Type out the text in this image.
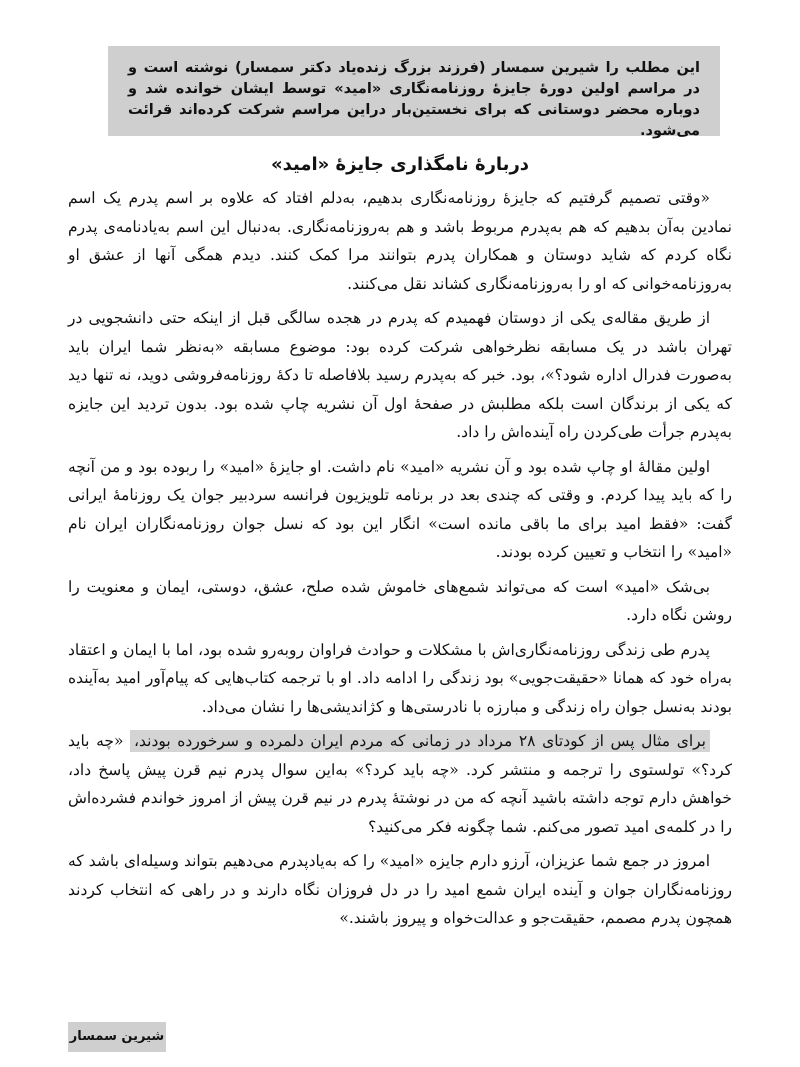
این مطلب را شیرین سمسار (فرزند بزرگ زنده‌یاد دکتر سمسار) نوشته است و در مراسم اولین دورهٔ جایزهٔ روزنامه‌نگاری «امید» توسط ایشان خوانده شد و دوباره محضر دوستانی که برای نخستین‌بار دراین مراسم شرکت کرده‌اند قرائت می‌شود.
دربارهٔ نامگذاری جایزهٔ «امید»

«وقتی تصمیم گرفتیم که جایزهٔ روزنامه‌نگاری بدهیم، به‌دلم افتاد که علاوه بر اسم پدرم یک اسم نمادین به‌آن بدهیم که هم به‌پدرم مربوط باشد و هم به‌روزنامه‌نگاری. به‌دنبال این اسم به‌یادنامه‌ی پدرم نگاه کردم که شاید دوستان و همکاران پدرم بتوانند مرا کمک کنند. دیدم همگی آنها از عشق او به‌روزنامه‌خوانی که او را به‌روزنامه‌نگاری کشاند نقل می‌کنند.

از طریق مقاله‌ی یکی از دوستان فهمیدم که پدرم در هجده سالگی قبل از اینکه حتی دانشجویی در تهران باشد در یک مسابقه نظرخواهی شرکت کرده بود: موضوع مسابقه «به‌نظر شما ایران باید به‌صورت فدرال اداره شود؟»، بود. خبر که به‌پدرم رسید بلافاصله تا دکهٔ روزنامه‌فروشی دوید، نه تنها دید که یکی از برندگان است بلکه مطلبش در صفحهٔ اول آن نشریه چاپ شده بود. بدون تردید این جایزه به‌پدرم جرأت طی‌کردن راه آینده‌اش را داد.

اولین مقالهٔ او چاپ شده بود و آن نشریه «امید» نام داشت. او جایزهٔ «امید» را ربوده بود و من آنچه را که باید پیدا کردم. و وقتی که چندی بعد در برنامه تلویزیون فرانسه سردبیر جوان یک روزنامهٔ ایرانی گفت: «فقط امید برای ما باقی مانده است» انگار این بود که نسل جوان روزنامه‌نگاران ایران نام «امید» را انتخاب و تعیین کرده بودند.

بی‌شک «امید» است که می‌تواند شمع‌های خاموش شده صلح، عشق، دوستی، ایمان و معنویت را روشن نگاه دارد.

پدرم طی زندگی روزنامه‌نگاری‌اش با مشکلات و حوادث فراوان روبه‌رو شده بود، اما با ایمان و اعتقاد به‌راه خود که همانا «حقیقت‌جویی» بود زندگی را ادامه داد. او با ترجمه کتاب‌هایی که پیام‌آور امید به‌آینده بودند به‌نسل جوان راه زندگی و مبارزه با نادرستی‌ها و کژاندیشی‌ها را نشان می‌داد.

برای مثال پس از کودتای ۲۸ مرداد در زمانی که مردم ایران دلمرده و سرخورده بودند، «چه باید کرد؟» تولستوی را ترجمه و منتشر کرد. «چه باید کرد؟» به‌این سوال پدرم نیم قرن پیش پاسخ داد، خواهش دارم توجه داشته باشید آنچه که من در نوشتهٔ پدرم در نیم قرن پیش از امروز خواندم فشرده‌اش را در کلمه‌ی امید تصور می‌کنم. شما چگونه فکر می‌کنید؟

امروز در جمع شما عزیزان، آرزو دارم جایزه «امید» را که به‌یادپدرم می‌دهیم بتواند وسیله‌ای باشد که روزنامه‌نگاران جوان و آینده ایران شمع امید را در دل فروزان نگاه دارند و در راهی که انتخاب کردند همچون پدرم مصمم، حقیقت‌جو و عدالت‌خواه و پیروز باشند.»

شیرین سمسار
